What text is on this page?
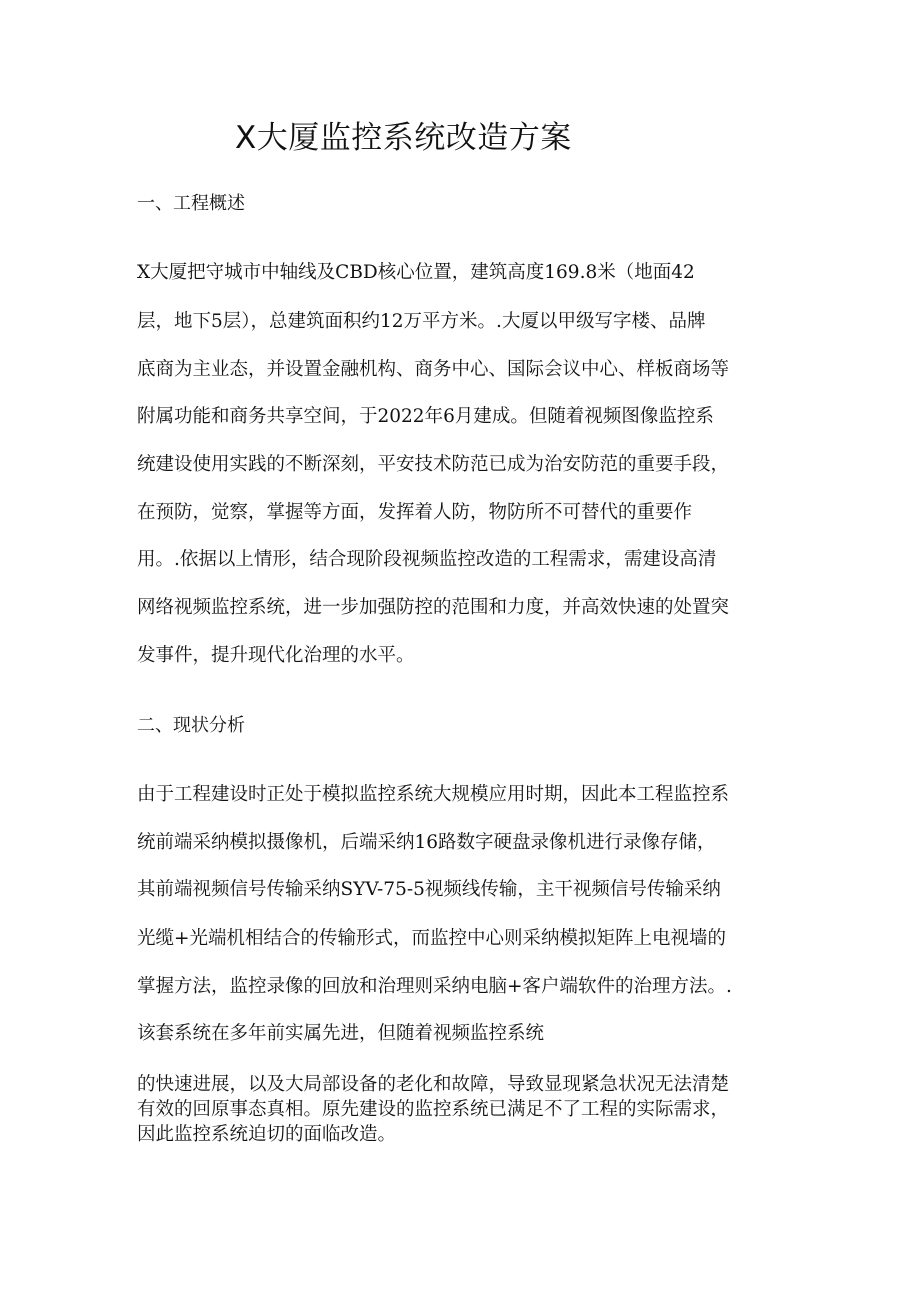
X大厦监控系统改造方案
一、工程概述

X大厦把守城市中轴线及CBD核心位置，建筑高度169.8米（地面42

层，地下5层），总建筑面积约12万平方米。.大厦以甲级写字楼、品牌

底商为主业态，并设置金融机构、商务中心、国际会议中心、样板商场等

附属功能和商务共享空间，于2022年6月建成。但随着视频图像监控系

统建设使用实践的不断深刻，平安技术防范已成为治安防范的重要手段，

在预防，觉察，掌握等方面，发挥着人防，物防所不可替代的重要作

用。.依据以上情形，结合现阶段视频监控改造的工程需求，需建设高清

网络视频监控系统，进一步加强防控的范围和力度，并高效快速的处置突

发事件，提升现代化治理的水平。

二、现状分析

由于工程建设时正处于模拟监控系统大规模应用时期，因此本工程监控系

统前端采纳模拟摄像机，后端采纳16路数字硬盘录像机进行录像存储，

其前端视频信号传输采纳SYV-75-5视频线传输，主干视频信号传输采纳

光缆+光端机相结合的传输形式，而监控中心则采纳模拟矩阵上电视墙的

掌握方法，监控录像的回放和治理则采纳电脑+客户端软件的治理方法。.

该套系统在多年前实属先进，但随着视频监控系统

的快速进展，以及大局部设备的老化和故障，导致显现紧急状况无法清楚

有效的回原事态真相。原先建设的监控系统已满足不了工程的实际需求，

因此监控系统迫切的面临改造。
